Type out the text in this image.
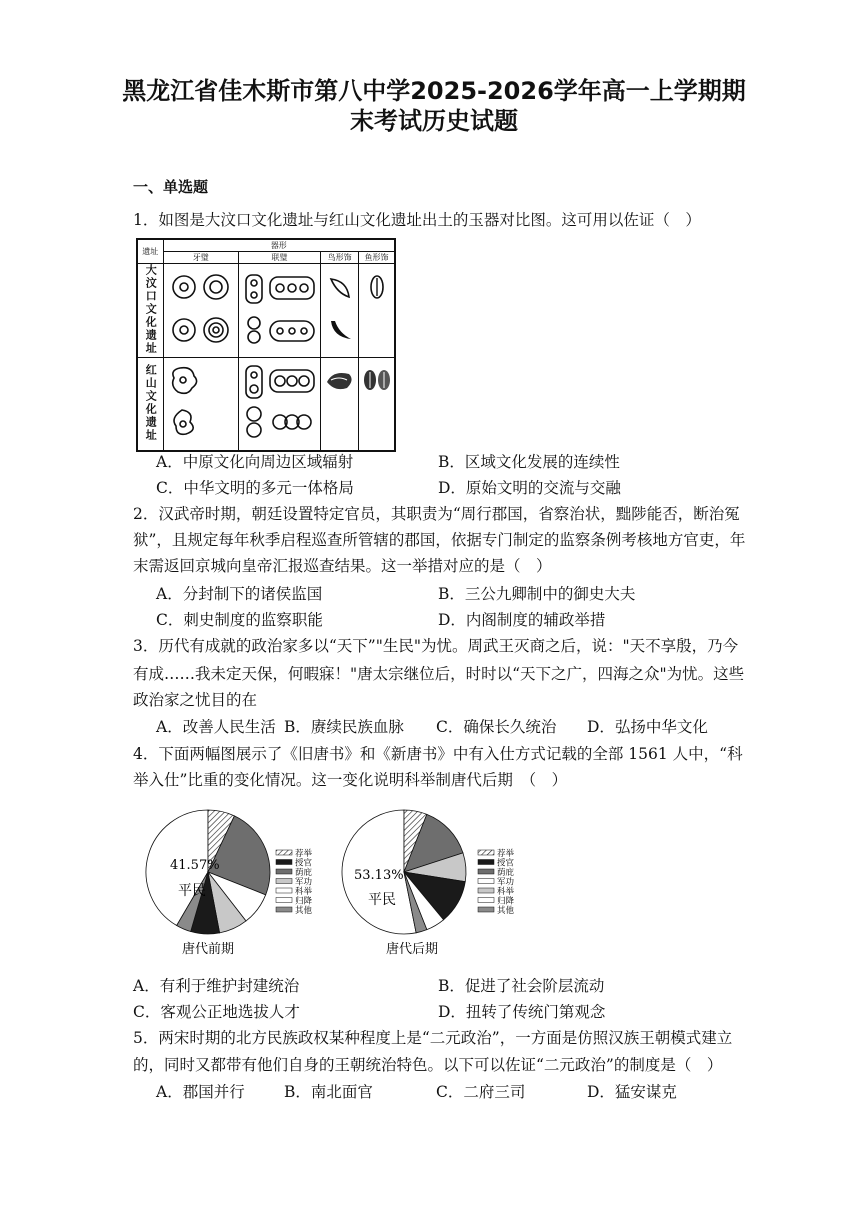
黑龙江省佳木斯市第八中学2025-2026学年高一上学期期
末考试历史试题
一、单选题
1．如图是大汶口文化遗址与红山文化遗址出土的玉器对比图。这可用以佐证（　）
遗址	器形			
	牙璧	联璧	鸟形饰	鱼形饰
大汶口文化遗址				
红山文化遗址				
A．中原文化向周边区域辐射	B．区域文化发展的连续性
C．中华文明的多元一体格局	D．原始文明的交流与交融
2．汉武帝时期，朝廷设置特定官员，其职责为“周行郡国，省察治状，黜陟能否，断治冤
狱”，且规定每年秋季启程巡查所管辖的郡国，依据专门制定的监察条例考核地方官吏，年
末需返回京城向皇帝汇报巡查结果。这一举措对应的是（　）
A．分封制下的诸侯监国	B．三公九卿制中的御史大夫
C．刺史制度的监察职能	D．内阁制度的辅政举措
3．历代有成就的政治家多以“天下”"生民"为忧。周武王灭商之后，说："天不享殷，乃今
有成……我未定天保，何暇寐！"唐太宗继位后，时时以“天下之广，四海之众"为忧。这些
政治家之忧目的在
A．改善人民生活 B．赓续民族血脉 C．确保长久统治 D．弘扬中华文化
4．下面两幅图展示了《旧唐书》和《新唐书》中有入仕方式记载的全部 1561 人中，“科
举入仕”比重的变化情况。这一变化说明科举制唐代后期　（　）
41.57%
平民
唐代前期
53.13%
平民
唐代后期
荐举
授官
荫庇
军功
科举
归降
其他
荐举
授官
荫庇
军功
科举
归降
其他
A．有利于维护封建统治	B．促进了社会阶层流动
C．客观公正地选拔人才	D．扭转了传统门第观念
5．两宋时期的北方民族政权某种程度上是“二元政治”，一方面是仿照汉族王朝模式建立
的，同时又都带有他们自身的王朝统治特色。以下可以佐证“二元政治”的制度是（　）
A．郡国并行	B．南北面官	C．二府三司	D．猛安谋克
